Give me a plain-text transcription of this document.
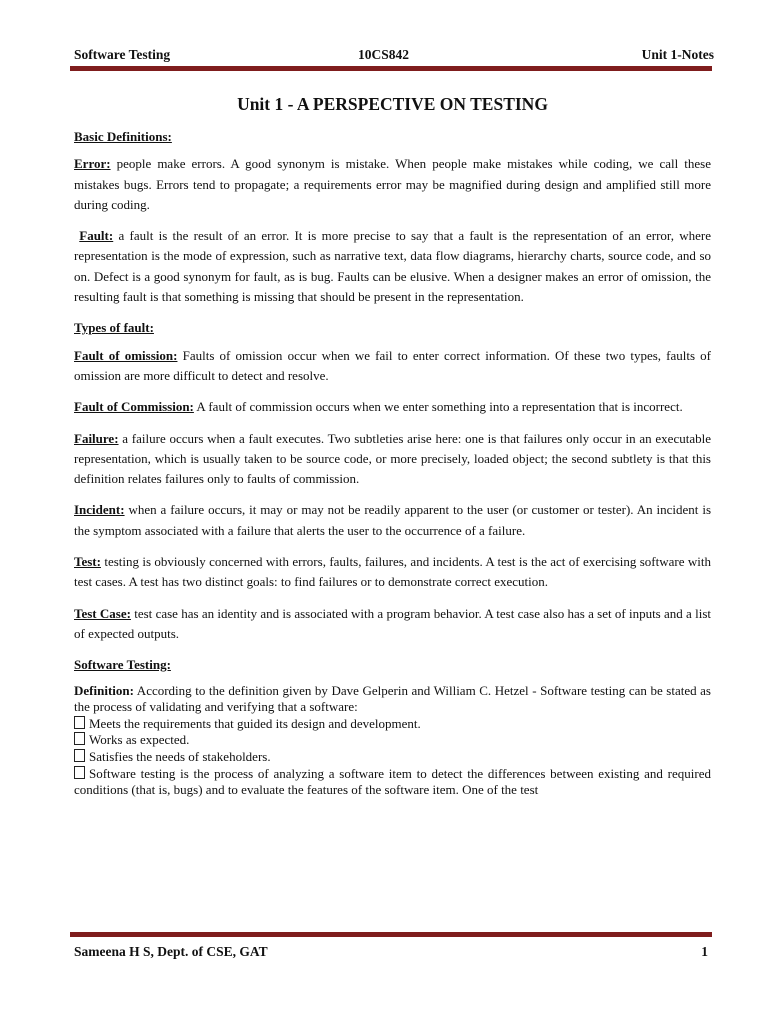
Software Testing	10CS842	Unit 1-Notes
Unit 1 - A PERSPECTIVE ON TESTING
Basic Definitions:

Error: people make errors. A good synonym is mistake. When people make mistakes while coding, we call these mistakes bugs. Errors tend to propagate; a requirements error may be magnified during design and amplified still more during coding.

Fault: a fault is the result of an error. It is more precise to say that a fault is the representation of an error, where representation is the mode of expression, such as narrative text, data flow diagrams, hierarchy charts, source code, and so on. Defect is a good synonym for fault, as is bug. Faults can be elusive. When a designer makes an error of omission, the resulting fault is that something is missing that should be present in the representation.

Types of fault:

Fault of omission: Faults of omission occur when we fail to enter correct information. Of these two types, faults of omission are more difficult to detect and resolve.

Fault of Commission: A fault of commission occurs when we enter something into a representation that is incorrect.

Failure: a failure occurs when a fault executes. Two subtleties arise here: one is that failures only occur in an executable representation, which is usually taken to be source code, or more precisely, loaded object; the second subtlety is that this definition relates failures only to faults of commission.

Incident: when a failure occurs, it may or may not be readily apparent to the user (or customer or tester). An incident is the symptom associated with a failure that alerts the user to the occurrence of a failure.

Test: testing is obviously concerned with errors, faults, failures, and incidents. A test is the act of exercising software with test cases. A test has two distinct goals: to find failures or to demonstrate correct execution.

Test Case: test case has an identity and is associated with a program behavior. A test case also has a set of inputs and a list of expected outputs.

Software Testing:

Definition: According to the definition given by Dave Gelperin and William C. Hetzel - Software testing can be stated as the process of validating and verifying that a software:

Meets the requirements that guided its design and development.
Works as expected.
Satisfies the needs of stakeholders.
Software testing is the process of analyzing a software item to detect the differences between existing and required conditions (that is, bugs) and to evaluate the features of the software item. One of the test
Sameena H S, Dept. of CSE, GAT	1
